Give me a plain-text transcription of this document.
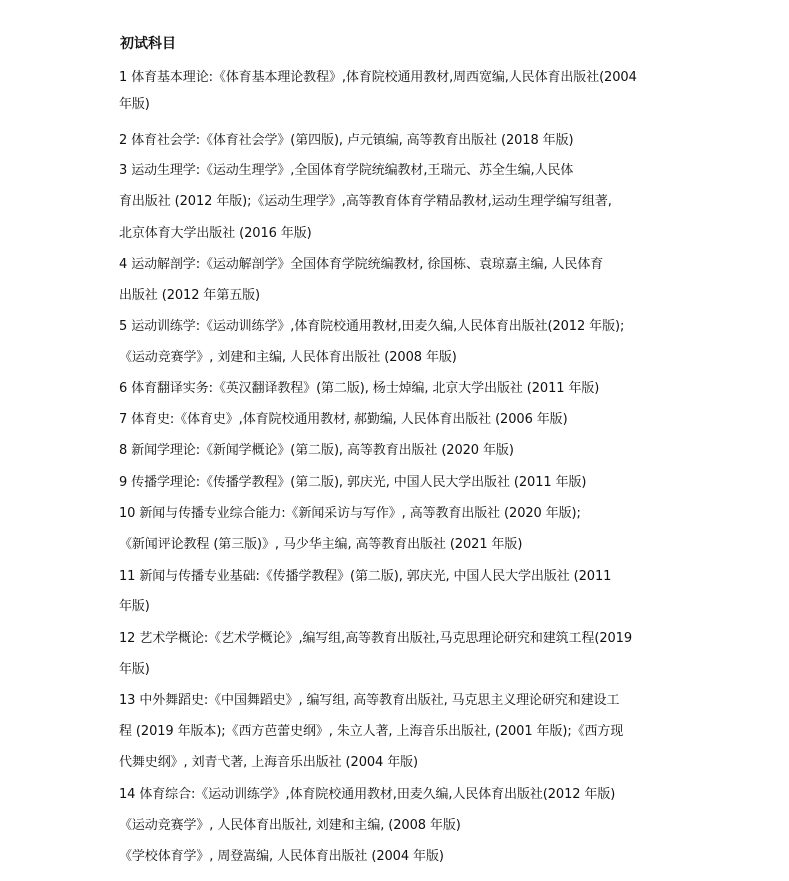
初试科目
1 体育基本理论:《体育基本理论教程》,体育院校通用教材,周西宽编,人民体育出版社(2004
年版)
2 体育社会学:《体育社会学》(第四版), 卢元镇编, 高等教育出版社 (2018 年版)
3 运动生理学:《运动生理学》,全国体育学院统编教材,王瑞元、苏全生编,人民体
育出版社 (2012 年版);《运动生理学》,高等教育体育学精品教材,运动生理学编写组著,
北京体育大学出版社 (2016 年版)
4 运动解剖学:《运动解剖学》全国体育学院统编教材, 徐国栋、袁琼嘉主编, 人民体育
出版社 (2012 年第五版)
5 运动训练学:《运动训练学》,体育院校通用教材,田麦久编,人民体育出版社(2012 年版);
《运动竞赛学》, 刘建和主编, 人民体育出版社 (2008 年版)
6 体育翻译实务:《英汉翻译教程》(第二版), 杨士焯编, 北京大学出版社 (2011 年版)
7 体育史:《体育史》,体育院校通用教材, 郝勤编, 人民体育出版社 (2006 年版)
8 新闻学理论:《新闻学概论》(第二版), 高等教育出版社 (2020 年版)
9 传播学理论:《传播学教程》(第二版), 郭庆光, 中国人民大学出版社 (2011 年版)
10 新闻与传播专业综合能力:《新闻采访与写作》, 高等教育出版社 (2020 年版);
《新闻评论教程 (第三版)》, 马少华主编, 高等教育出版社 (2021 年版)
11 新闻与传播专业基础:《传播学教程》(第二版), 郭庆光, 中国人民大学出版社 (2011
年版)
12 艺术学概论:《艺术学概论》,编写组,高等教育出版社,马克思理论研究和建筑工程(2019
年版)
13 中外舞蹈史:《中国舞蹈史》, 编写组, 高等教育出版社, 马克思主义理论研究和建设工
程 (2019 年版本);《西方芭蕾史纲》, 朱立人著, 上海音乐出版社, (2001 年版);《西方现
代舞史纲》, 刘青弋著, 上海音乐出版社 (2004 年版)
14 体育综合:《运动训练学》,体育院校通用教材,田麦久编,人民体育出版社(2012 年版)
《运动竞赛学》, 人民体育出版社, 刘建和主编, (2008 年版)
《学校体育学》, 周登嵩编, 人民体育出版社 (2004 年版)
